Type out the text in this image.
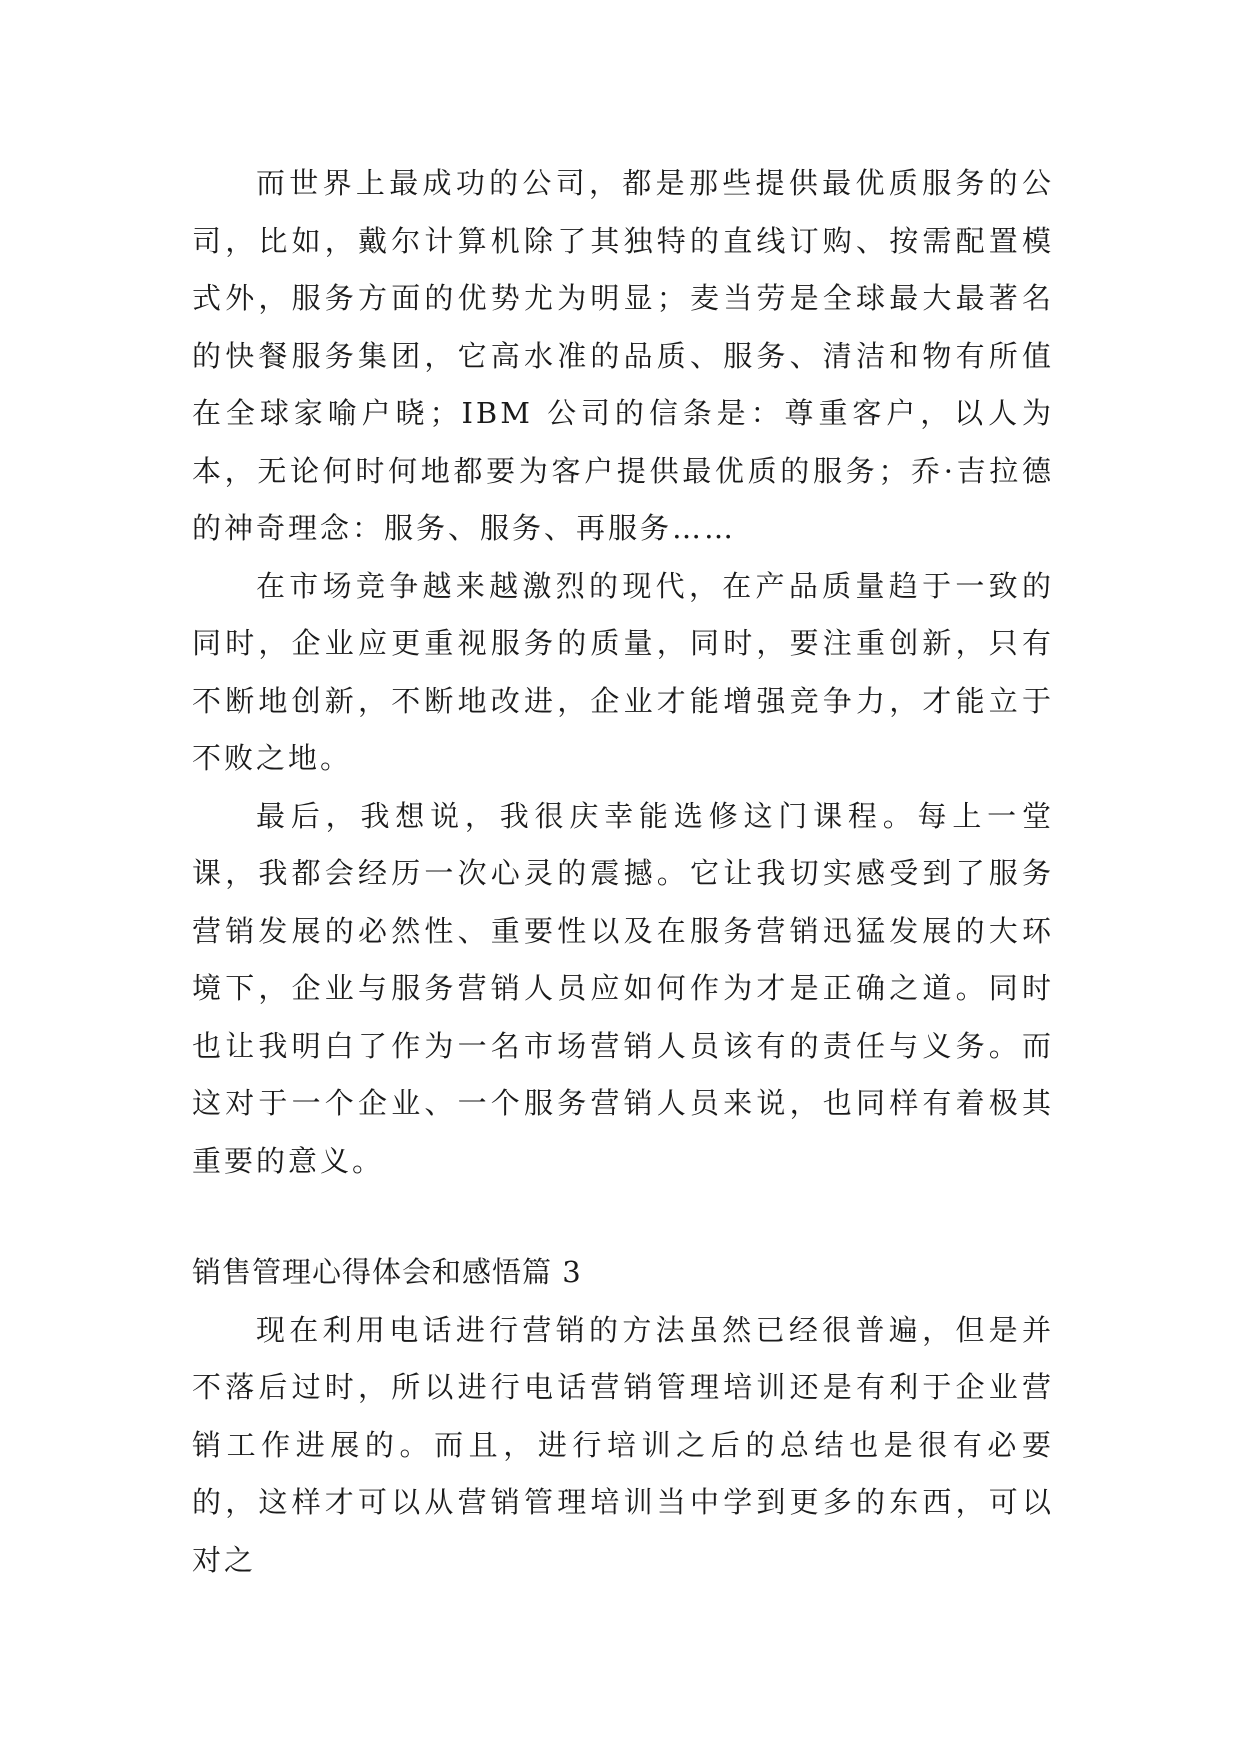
而世界上最成功的公司，都是那些提供最优质服务的公司，比如，戴尔计算机除了其独特的直线订购、按需配置模式外，服务方面的优势尤为明显；麦当劳是全球最大最著名的快餐服务集团，它高水准的品质、服务、清洁和物有所值在全球家喻户晓；IBM 公司的信条是：尊重客户，以人为本，无论何时何地都要为客户提供最优质的服务；乔·吉拉德的神奇理念：服务、服务、再服务……

在市场竞争越来越激烈的现代，在产品质量趋于一致的同时，企业应更重视服务的质量，同时，要注重创新，只有不断地创新，不断地改进，企业才能增强竞争力，才能立于不败之地。

最后，我想说，我很庆幸能选修这门课程。每上一堂课，我都会经历一次心灵的震撼。它让我切实感受到了服务营销发展的必然性、重要性以及在服务营销迅猛发展的大环境下，企业与服务营销人员应如何作为才是正确之道。同时也让我明白了作为一名市场营销人员该有的责任与义务。而这对于一个企业、一个服务营销人员来说，也同样有着极其重要的意义。

销售管理心得体会和感悟篇 3

现在利用电话进行营销的方法虽然已经很普遍，但是并不落后过时，所以进行电话营销管理培训还是有利于企业营销工作进展的。而且，进行培训之后的总结也是很有必要的，这样才可以从营销管理培训当中学到更多的东西，可以对之
